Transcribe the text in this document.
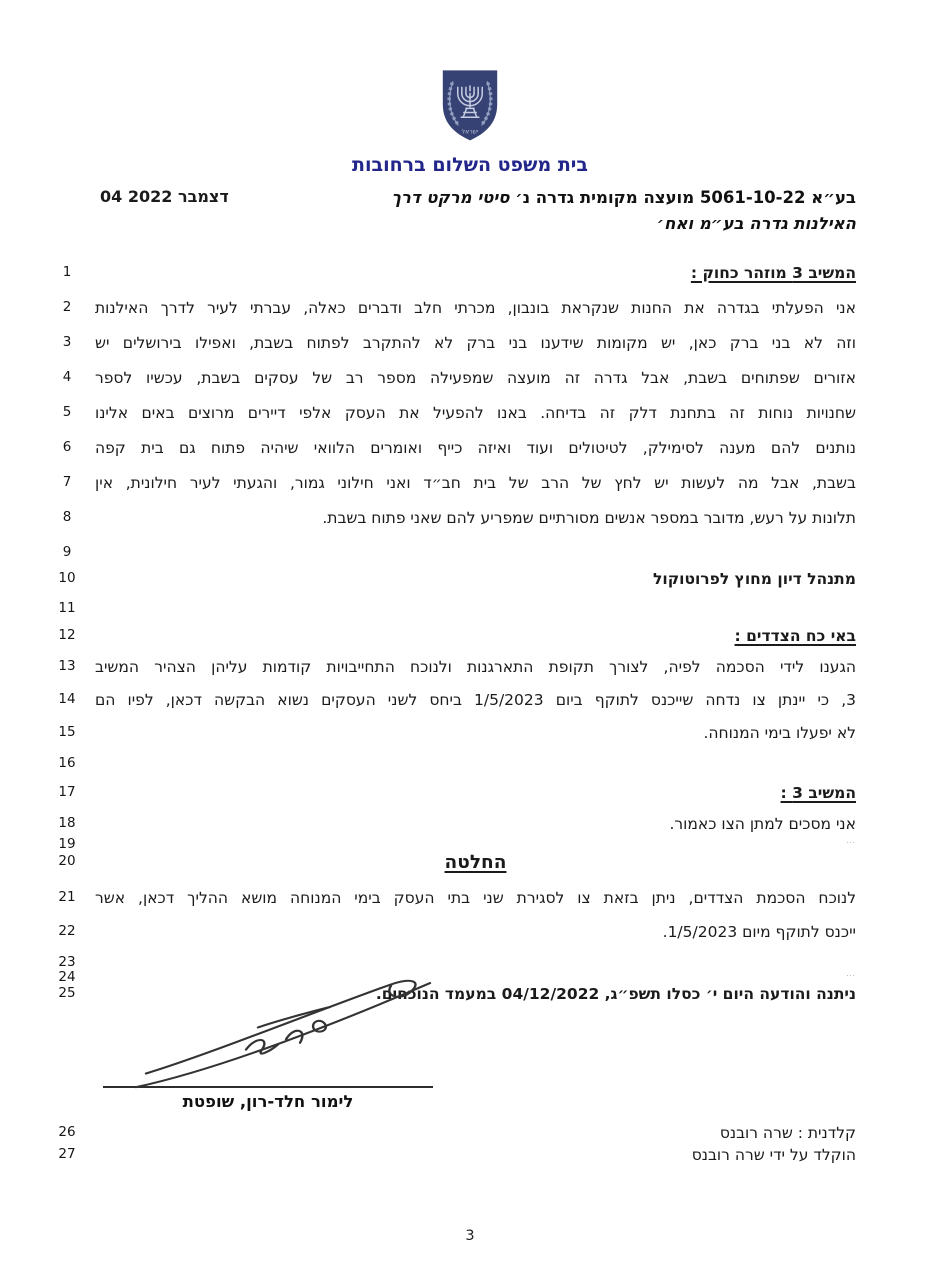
ישראל
בית משפט השלום ברחובות
04 דצמבר 2022	בע״א 5061-10-22 מועצה מקומית גדרה נ׳ סיטי מרקט דרך
האילנות גדרה בע״מ ואח׳
1	המשיב 3 מוזהר כחוק :
2	אני הפעלתי בגדרה את החנות שנקראת בונבון, מכרתי חלב ודברים כאלה, עברתי לעיר לדרך האילנות
3	וזה לא בני ברק כאן, יש מקומות שידענו בני ברק לא להתקרב לפתוח בשבת, ואפילו בירושלים יש
4	אזורים שפתוחים בשבת, אבל גדרה זה מועצה שמפעילה מספר רב של עסקים בשבת, עכשיו לספר
5	שחנויות נוחות זה בתחנת דלק זה בדיחה. באנו להפעיל את העסק אלפי דיירים מרוצים באים אלינו
6	נותנים להם מענה לסימילק, לטיטולים ועוד ואיזה כייף ואומרים הלוואי שיהיה פתוח גם בית קפה
7	בשבת, אבל מה לעשות יש לחץ של הרב של בית חב״ד ואני חילוני גמור, והגעתי לעיר חילונית, אין
8	תלונות על רעש, מדובר במספר אנשים מסורתיים שמפריע להם שאני פתוח בשבת.
9
10	מתנהל דיון מחוץ לפרוטוקול
11
12	באי כח הצדדים :
13	הגענו לידי הסכמה לפיה, לצורך תקופת התארגנות ולנוכח התחייבויות קודמות עליהן הצהיר המשיב
14	3, כי יינתן צו נדחה שייכנס לתוקף ביום 1/5/2023 ביחס לשני העסקים נשוא הבקשה דכאן, לפיו הם
15	לא יפעלו בימי המנוחה.
16
17	המשיב 3 :
18	אני מסכים למתן הצו כאמור.
19	···
20	החלטה
21	לנוכח הסכמת הצדדים, ניתן בזאת צו לסגירת שני בתי העסק בימי המנוחה מושא ההליך דכאן, אשר
22	ייכנס לתוקף מיום 1/5/2023.
23
24	···
25	ניתנה והודעה היום י׳ כסלו תשפ״ג, 04/12/2022 במעמד הנוכחים.
לימור חלד-רון, שופטת
26	קלדנית : שרה רובנס
27	הוקלד על ידי שרה רובנס
3
